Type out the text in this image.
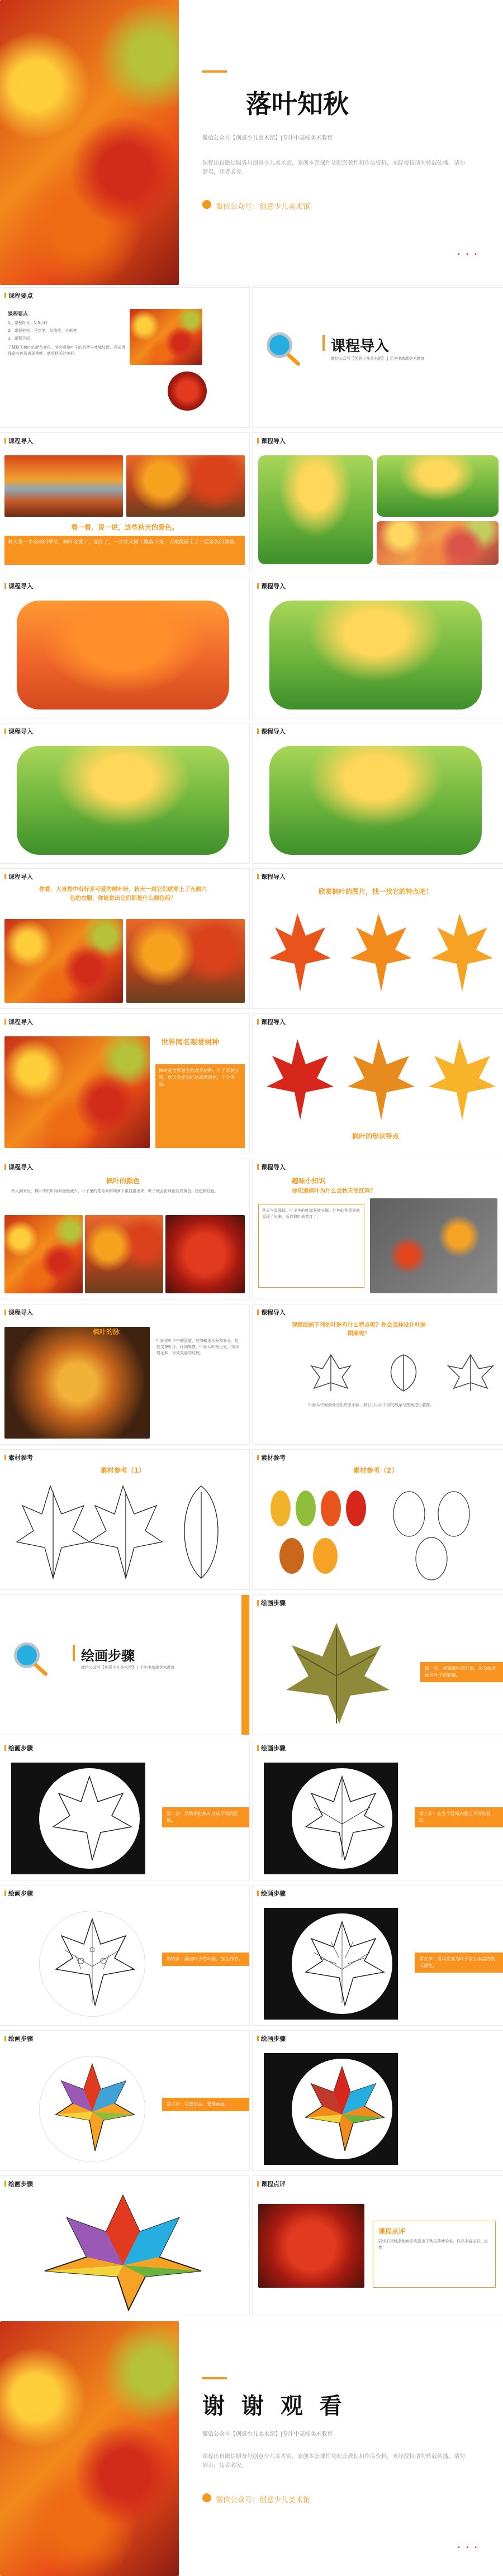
落叶知秋
微信公众号【创意少儿美术馆】|专注中高端美术教育
课程出自微信服务号创意少儿美术馆，原创本套课件及配套教程和作品资料，未经授权请勿转载传播。请勿倒卖，违者必究。
微信公众号：创意少儿美术馆
• • •
课程要点
课程要点
1、课程时长：1.5小时
2、课程材料：马克笔、勾线笔、卡纸等
3、课程目标：
了解秋天树叶的颜色变化，学会观察叶子的形状与叶脉纹理，尝试用线条与色彩表现落叶，感受秋天的美好。	课程导入
微信公众号【创意少儿美术馆】 | 专注中高端美术教育
课程导入
看一看、说一说，这些秋天的景色。
秋天是一个美丽的季节，树叶变黄了，变红了，一片片从树上飘落下来，大地像铺上了一层金色的地毯。
课程导入
课程导入	课程导入
课程导入	课程导入
课程导入
你看，大自然中有好多可爱的树叶呀，秋天一到它们就穿上了五颜六色的衣服，你能说出它们都是什么颜色吗？
课程导入
欣赏枫叶的图片，找一找它的特点吧！
课程导入
世界闻名观赏树种
枫树是世界著名的观赏树种，叶子掌状分裂，秋天会变成红色或橙黄色，十分美丽。
课程导入
枫叶的形状特点
课程导入
枫叶的颜色
秋天到来后，枫叶中的叶绿素慢慢减少，叶子里的花青素和胡萝卜素显露出来，叶子就会由绿色变成黄色、橙色和红色。
课程导入
趣味小知识
你知道枫叶为什么会秋天变红吗？
秋天气温降低，叶子中的叶绿素被分解，红色的花青素就显现了出来，所以枫叶就变红了。
课程导入
枫叶的脉
叶脉是叶子中的管道，能够输送水分和养分，也能支撑叶片。仔细观察，叶脉从叶柄出发，向四周延伸，形成美丽的纹理。
课程导入
观察绘画下列的叶脉有什么特点呢？你会怎样设计叶脉图案呢？
叶脉从中间向外分出许多小脉，我们可以用不同的线条与图案进行装饰。
素材参考
素材参考（1）
素材参考
素材参考（2）
绘画步骤
微信公众号【创意少儿美术馆】 | 专注中高端美术教育
绘画步骤
第一步：观察枫叶的外形，用勾线笔画出叶子的轮廓。
绘画步骤
第二步：用线条把枫叶分成不同的区域。
绘画步骤
第三步：在各个区域内画上不同的花纹。
绘画步骤
第四步：画出叶子的叶脉，加上细节。
绘画步骤
第五步：用马克笔为叶子涂上丰富的秋天颜色。
绘画步骤
第六步：完成作品，整理画面。
绘画步骤
绘画步骤	课程点评
课程点评
同学们用线条和色彩表现出了秋天落叶的美，作品丰富多彩，真棒！
谢 谢 观 看
微信公众号【创意少儿美术馆】|专注中高端美术教育
课程出自微信服务号创意少儿美术馆，原创本套课件及配套教程和作品资料，未经授权请勿转载传播。请勿倒卖，违者必究。
微信公众号：创意少儿美术馆
• • •
